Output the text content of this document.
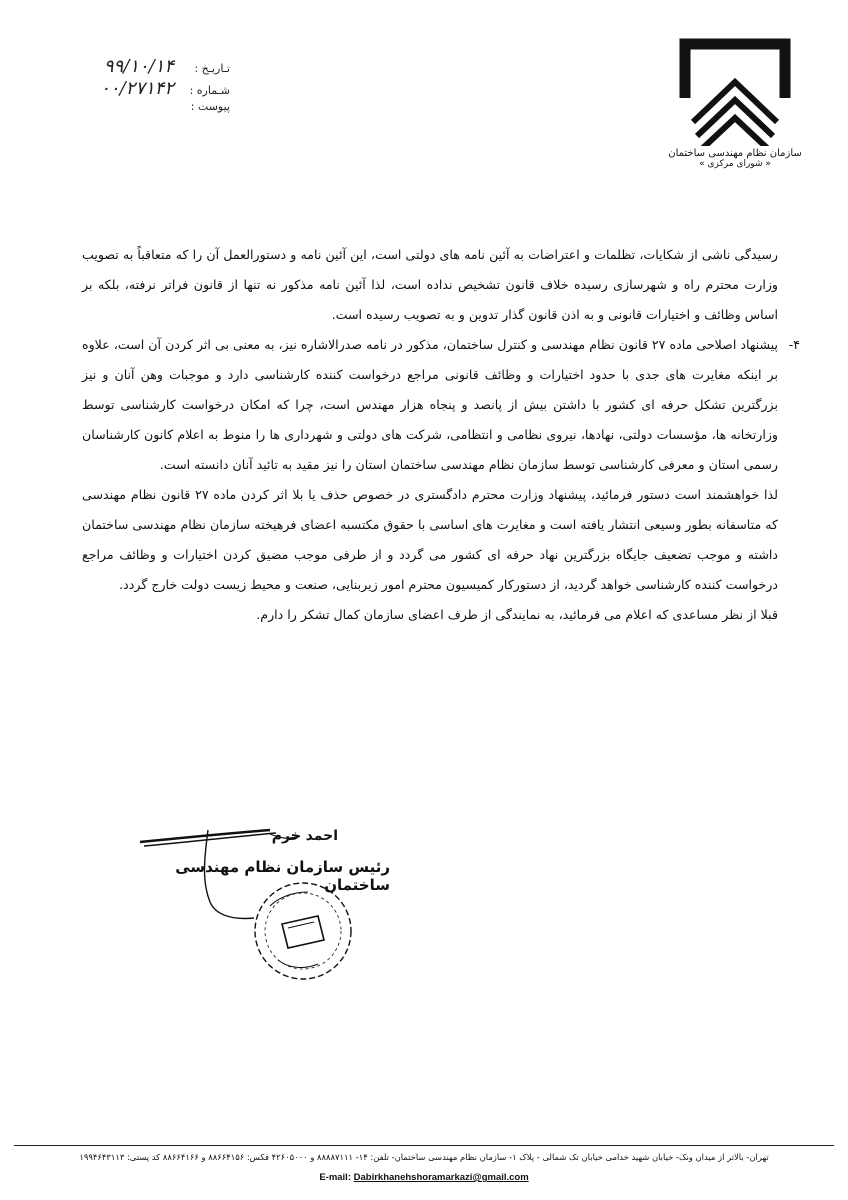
سازمان نظام مهندسی ساختمان
« شورای مرکزی »
تـاریـخ :
۹۹/۱۰/۱۴
شـماره :
۰۰/۲۷۱۴۲
پیوست :

رسیدگی ناشی از شکایات، تظلمات و اعتراضات به آئین نامه های دولتی است، این آئین نامه و دستورالعمل آن را که متعاقباً به تصویب وزارت محترم راه و شهرسازی رسیده خلاف قانون تشخیص نداده است، لذا آئین نامه مذکور نه تنها از قانون فراتر نرفته، بلکه بر اساس وظائف و اختیارات قانونی و به اذن قانون گذار تدوین و به تصویب رسیده است.

۴-

پیشنهاد اصلاحی ماده ۲۷ قانون نظام مهندسی و کنترل ساختمان، مذکور در نامه صدرالاشاره نیز، به معنی بی اثر کردن آن است، علاوه بر اینکه مغایرت های جدی با حدود اختیارات و وظائف قانونی مراجع درخواست کننده کارشناسی دارد و موجبات وهن آنان و نیز بزرگترین تشکل حرفه ای کشور با داشتن بیش از پانصد و پنجاه هزار مهندس است، چرا که امکان درخواست کارشناسی توسط وزارتخانه ها، مؤسسات دولتی، نهادها، نیروی نظامی و انتظامی، شرکت های دولتی و شهرداری ها را منوط به اعلام کانون کارشناسان رسمی استان و معرفی کارشناسی توسط سازمان نظام مهندسی ساختمان استان را نیز مقید به تائید آنان دانسته است.

لذا خواهشمند است دستور فرمائید، پیشنهاد وزارت محترم دادگستری در خصوص حذف یا بلا اثر کردن ماده ۲۷ قانون نظام مهندسی که متاسفانه بطور وسیعی انتشار یافته است و مغایرت های اساسی با حقوق مکتسبه اعضای فرهیخته سازمان نظام مهندسی ساختمان داشته و موجب تضعیف جایگاه بزرگترین نهاد حرفه ای کشور می گردد و از طرفی موجب مضیق کردن اختیارات و وظائف مراجع درخواست کننده کارشناسی خواهد گردید، از دستورکار کمیسیون محترم امور زیربنایی، صنعت و محیط زیست دولت خارج گردد.

قبلا از نظر مساعدی که اعلام می فرمائید، به نمایندگی از طرف اعضای سازمان کمال تشکر را دارم.

احمد خرم
رئیس سازمان نظام مهندسی ساختمان
تهران- بالاتر از میدان ونک- خیابان شهید خدامی خیابان تک شمالی - پلاک ۱- سازمان نظام مهندسی ساختمان- تلفن: ۱۴- ۸۸۸۸۷۱۱۱ و ۴۲۶۰۵۰۰۰ فکس: ۸۸۶۶۴۱۵۶ و ۸۸۶۶۴۱۶۶ کد پستی: ۱۹۹۴۶۴۳۱۱۳
E-mail: Dabirkhanehshoramarkazi@gmail.com
